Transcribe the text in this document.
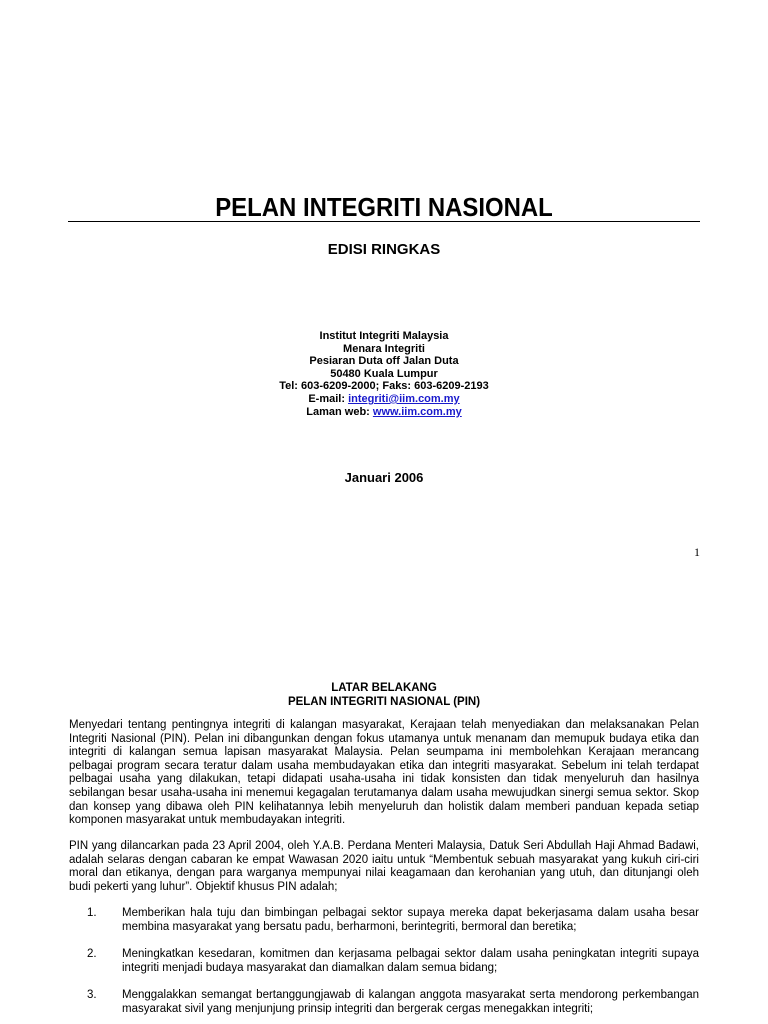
PELAN INTEGRITI NASIONAL
EDISI RINGKAS
Institut Integriti Malaysia
Menara Integriti
Pesiaran Duta off Jalan Duta
50480 Kuala Lumpur
Tel: 603-6209-2000; Faks: 603-6209-2193
E-mail: integriti@iim.com.my
Laman web: www.iim.com.my
Januari 2006
1
LATAR BELAKANG
PELAN INTEGRITI NASIONAL (PIN)
Menyedari tentang pentingnya integriti di kalangan masyarakat, Kerajaan telah menyediakan dan melaksanakan Pelan Integriti Nasional (PIN). Pelan ini dibangunkan dengan fokus utamanya untuk menanam dan memupuk budaya etika dan integriti di kalangan semua lapisan masyarakat Malaysia. Pelan seumpama ini membolehkan Kerajaan merancang pelbagai program secara teratur dalam usaha membudayakan etika dan integriti masyarakat. Sebelum ini telah terdapat pelbagai usaha yang dilakukan, tetapi didapati usaha-usaha ini tidak konsisten dan tidak menyeluruh dan hasilnya sebilangan besar usaha-usaha ini menemui kegagalan terutamanya dalam usaha mewujudkan sinergi semua sektor. Skop dan konsep yang dibawa oleh PIN kelihatannya lebih menyeluruh dan holistik dalam memberi panduan kepada setiap komponen masyarakat untuk membudayakan integriti.
PIN yang dilancarkan pada 23 April 2004, oleh Y.A.B. Perdana Menteri Malaysia, Datuk Seri Abdullah Haji Ahmad Badawi, adalah selaras dengan cabaran ke empat Wawasan 2020 iaitu untuk “Membentuk sebuah masyarakat yang kukuh ciri-ciri moral dan etikanya, dengan para warganya mempunyai nilai keagamaan dan kerohanian yang utuh, dan ditunjangi oleh budi pekerti yang luhur”. Objektif khusus PIN adalah;
1.	Memberikan hala tuju dan bimbingan pelbagai sektor supaya mereka dapat bekerjasama dalam usaha besar membina masyarakat yang bersatu padu, berharmoni, berintegriti, bermoral dan beretika;
2.	Meningkatkan kesedaran, komitmen dan kerjasama pelbagai sektor dalam usaha peningkatan integriti supaya integriti menjadi budaya masyarakat dan diamalkan dalam semua bidang;
3.	Menggalakkan semangat bertanggungjawab di kalangan anggota masyarakat serta mendorong perkembangan masyarakat sivil yang menjunjung prinsip integriti dan bergerak cergas menegakkan integriti;
